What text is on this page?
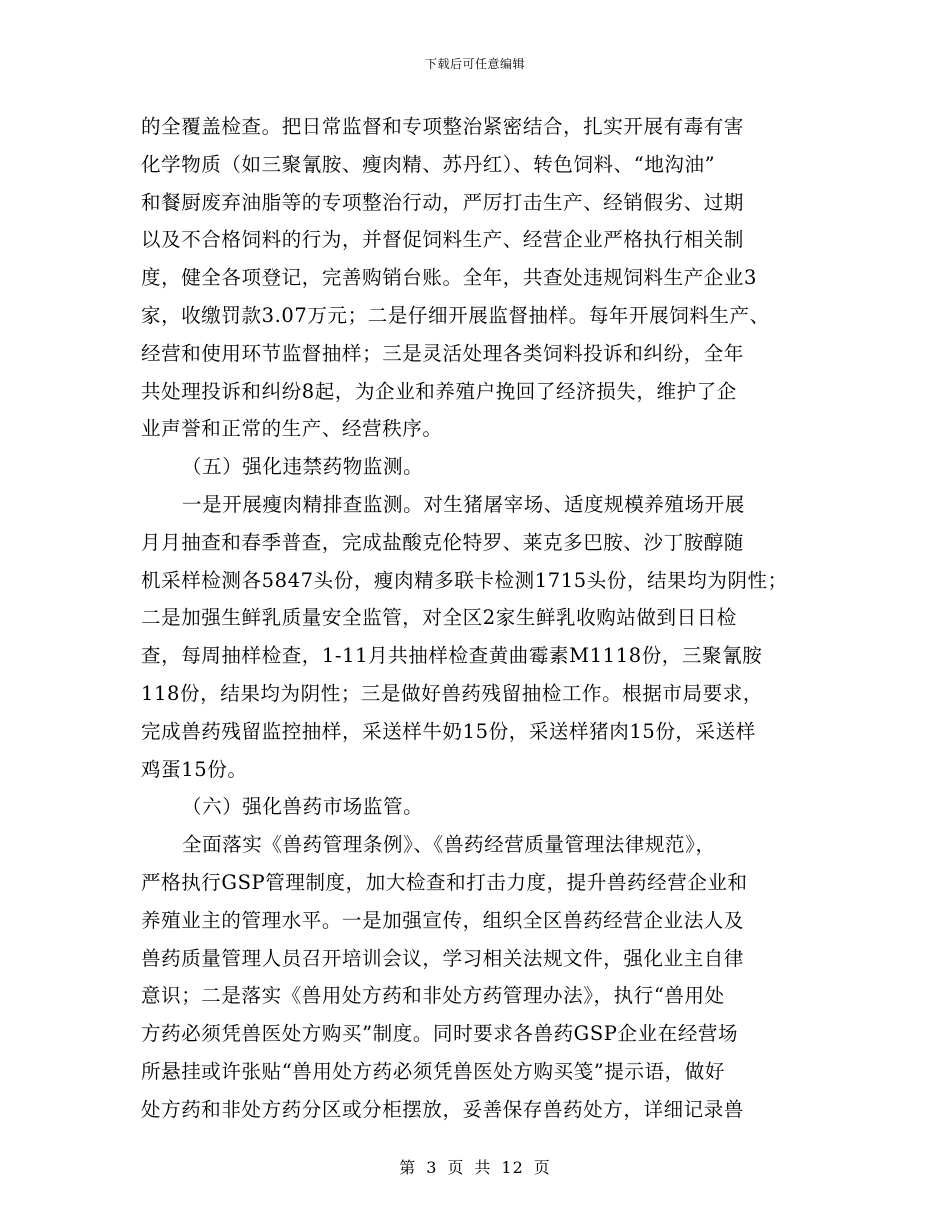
下载后可任意编辑
的全覆盖检查。把日常监督和专项整治紧密结合，扎实开展有毒有害
化学物质（如三聚氰胺、瘦肉精、苏丹红）、转色饲料、“地沟油”
和餐厨废弃油脂等的专项整治行动，严厉打击生产、经销假劣、过期
以及不合格饲料的行为，并督促饲料生产、经营企业严格执行相关制
度，健全各项登记，完善购销台账。全年，共查处违规饲料生产企业3
家，收缴罚款3.07万元；二是仔细开展监督抽样。每年开展饲料生产、
经营和使用环节监督抽样；三是灵活处理各类饲料投诉和纠纷，全年
共处理投诉和纠纷8起，为企业和养殖户挽回了经济损失，维护了企
业声誉和正常的生产、经营秩序。
（五）强化违禁药物监测。
一是开展瘦肉精排查监测。对生猪屠宰场、适度规模养殖场开展
月月抽查和春季普查，完成盐酸克伦特罗、莱克多巴胺、沙丁胺醇随
机采样检测各5847头份，瘦肉精多联卡检测1715头份，结果均为阴性；
二是加强生鲜乳质量安全监管，对全区2家生鲜乳收购站做到日日检
查，每周抽样检查，1-11月共抽样检查黄曲霉素M1118份，三聚氰胺
118份，结果均为阴性；三是做好兽药残留抽检工作。根据市局要求，
完成兽药残留监控抽样，采送样牛奶15份，采送样猪肉15份，采送样
鸡蛋15份。
（六）强化兽药市场监管。
全面落实《兽药管理条例》、《兽药经营质量管理法律规范》，
严格执行GSP管理制度，加大检查和打击力度，提升兽药经营企业和
养殖业主的管理水平。一是加强宣传，组织全区兽药经营企业法人及
兽药质量管理人员召开培训会议，学习相关法规文件，强化业主自律
意识；二是落实《兽用处方药和非处方药管理办法》，执行“兽用处
方药必须凭兽医处方购买”制度。同时要求各兽药GSP企业在经营场
所悬挂或许张贴“兽用处方药必须凭兽医处方购买笺”提示语，做好
处方药和非处方药分区或分柜摆放，妥善保存兽药处方，详细记录兽
第 3 页 共 12 页
